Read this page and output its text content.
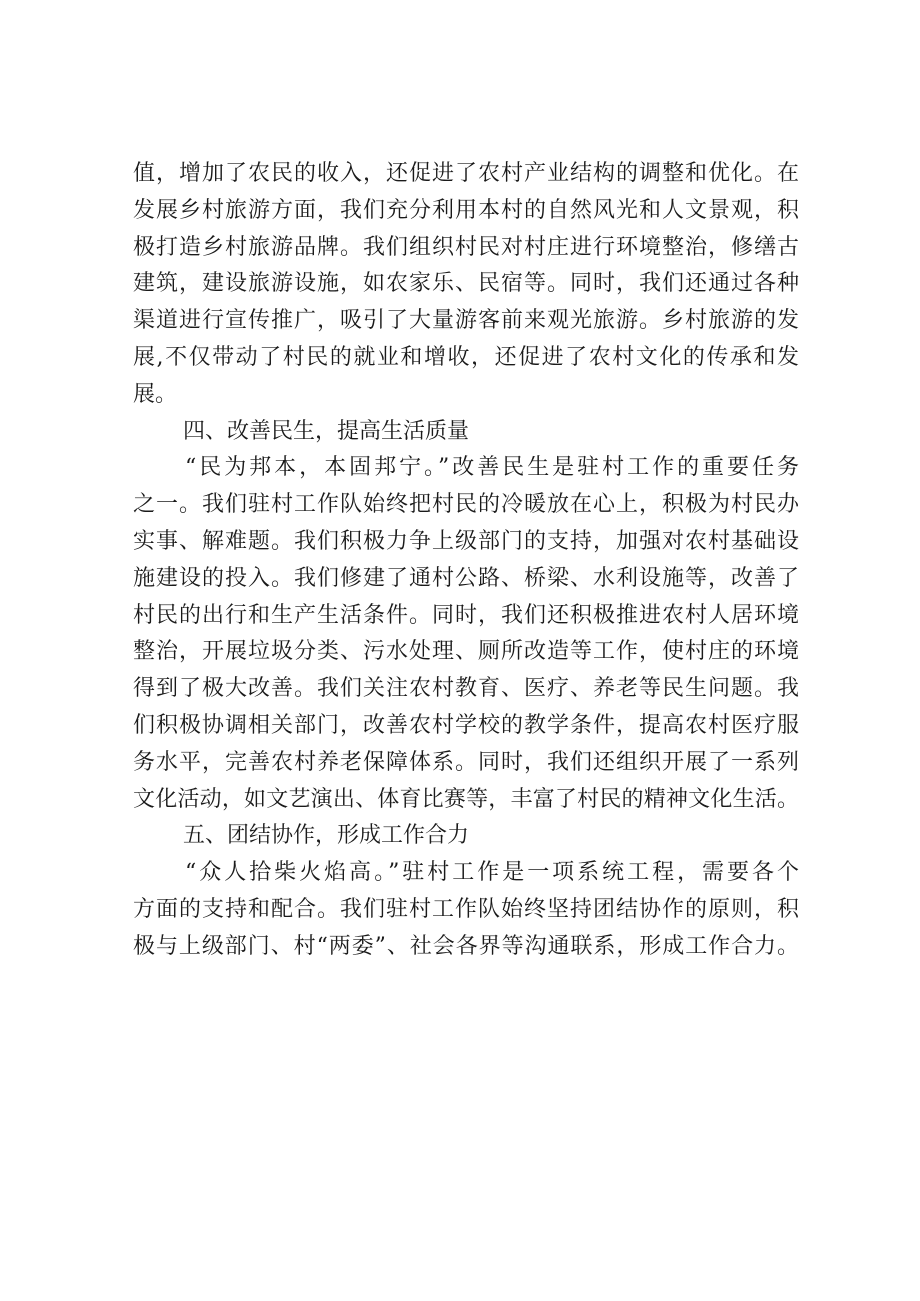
值，增加了农民的收入，还促进了农村产业结构的调整和优化。在
发展乡村旅游方面，我们充分利用本村的自然风光和人文景观，积
极打造乡村旅游品牌。我们组织村民对村庄进行环境整治，修缮古
建筑，建设旅游设施，如农家乐、民宿等。同时，我们还通过各种
渠道进行宣传推广，吸引了大量游客前来观光旅游。乡村旅游的发
展,不仅带动了村民的就业和增收，还促进了农村文化的传承和发
展。
四、改善民生，提高生活质量
“民为邦本，本固邦宁。”改善民生是驻村工作的重要任务
之一。我们驻村工作队始终把村民的冷暖放在心上，积极为村民办
实事、解难题。我们积极力争上级部门的支持，加强对农村基础设
施建设的投入。我们修建了通村公路、桥梁、水利设施等，改善了
村民的出行和生产生活条件。同时，我们还积极推进农村人居环境
整治，开展垃圾分类、污水处理、厕所改造等工作，使村庄的环境
得到了极大改善。我们关注农村教育、医疗、养老等民生问题。我
们积极协调相关部门，改善农村学校的教学条件，提高农村医疗服
务水平，完善农村养老保障体系。同时，我们还组织开展了一系列
文化活动，如文艺演出、体育比赛等，丰富了村民的精神文化生活。
五、团结协作，形成工作合力
“众人拾柴火焰高。”驻村工作是一项系统工程，需要各个
方面的支持和配合。我们驻村工作队始终坚持团结协作的原则，积
极与上级部门、村“两委”、社会各界等沟通联系，形成工作合力。
